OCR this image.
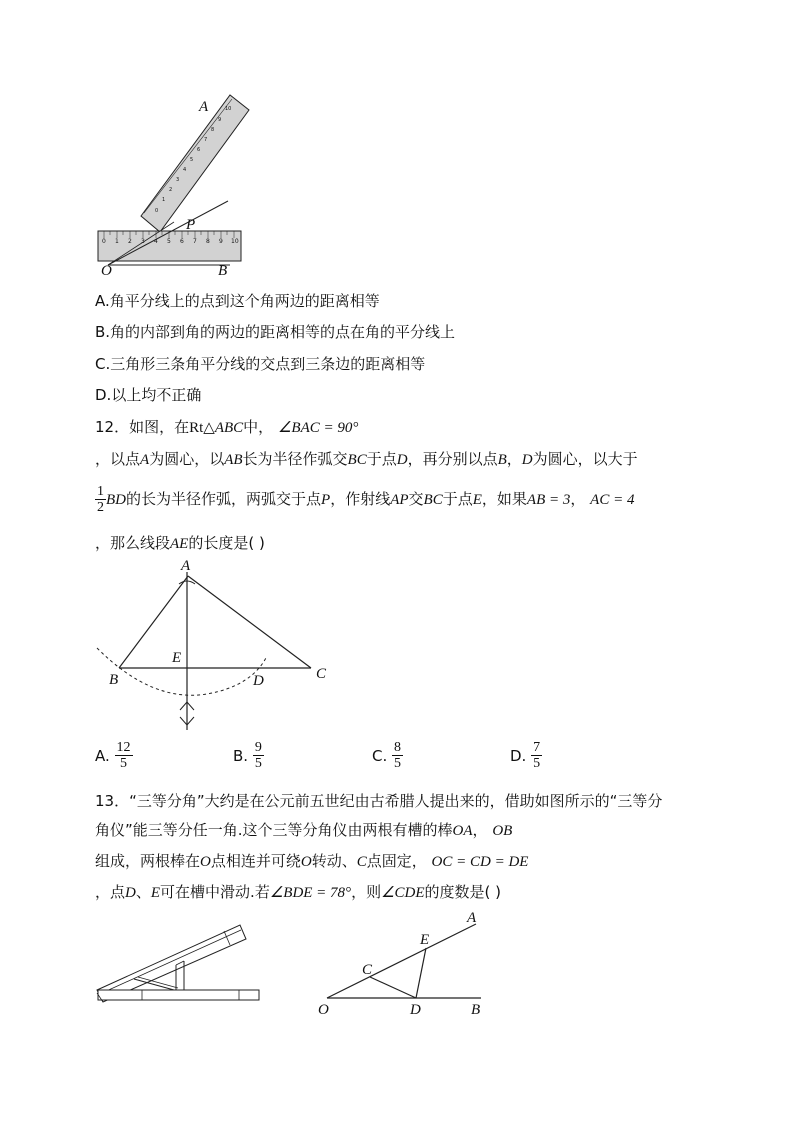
0 1 2 3 4 5 6 7 8 9 10
0
1
2
3
4
5
6
7
8
9
10
A
P
O	B
A.角平分线上的点到这个角两边的距离相等
B.角的内部到角的两边的距离相等的点在角的平分线上
C.三角形三条角平分线的交点到三条边的距离相等
D.以上均不正确
12．如图，在Rt△ABC中， ∠BAC = 90°
，以点A为圆心，以AB长为半径作弧交BC于点D，再分别以点B，D为圆心，以大于
$\frac{1}{2}$ BD的长为半径作弧，两弧交于点P，作射线AP交BC于点E，如果AB = 3， AC = 4
，那么线段AE的长度是( )
A
E
B	D	C
A. $\frac{12}{5}$	B. $\frac{9}{5}$	C. $\frac{8}{5}$	D. $\frac{7}{5}$
13．“三等分角”大约是在公元前五世纪由古希腊人提出来的，借助如图所示的“三等分
角仪”能三等分任一角.这个三等分角仪由两根有槽的棒OA， OB
组成，两根棒在O点相连并可绕O转动、C点固定， OC = CD = DE
，点D、E可在槽中滑动.若∠BDE = 78°，则∠CDE的度数是( )
A
E
C
O	D	B
